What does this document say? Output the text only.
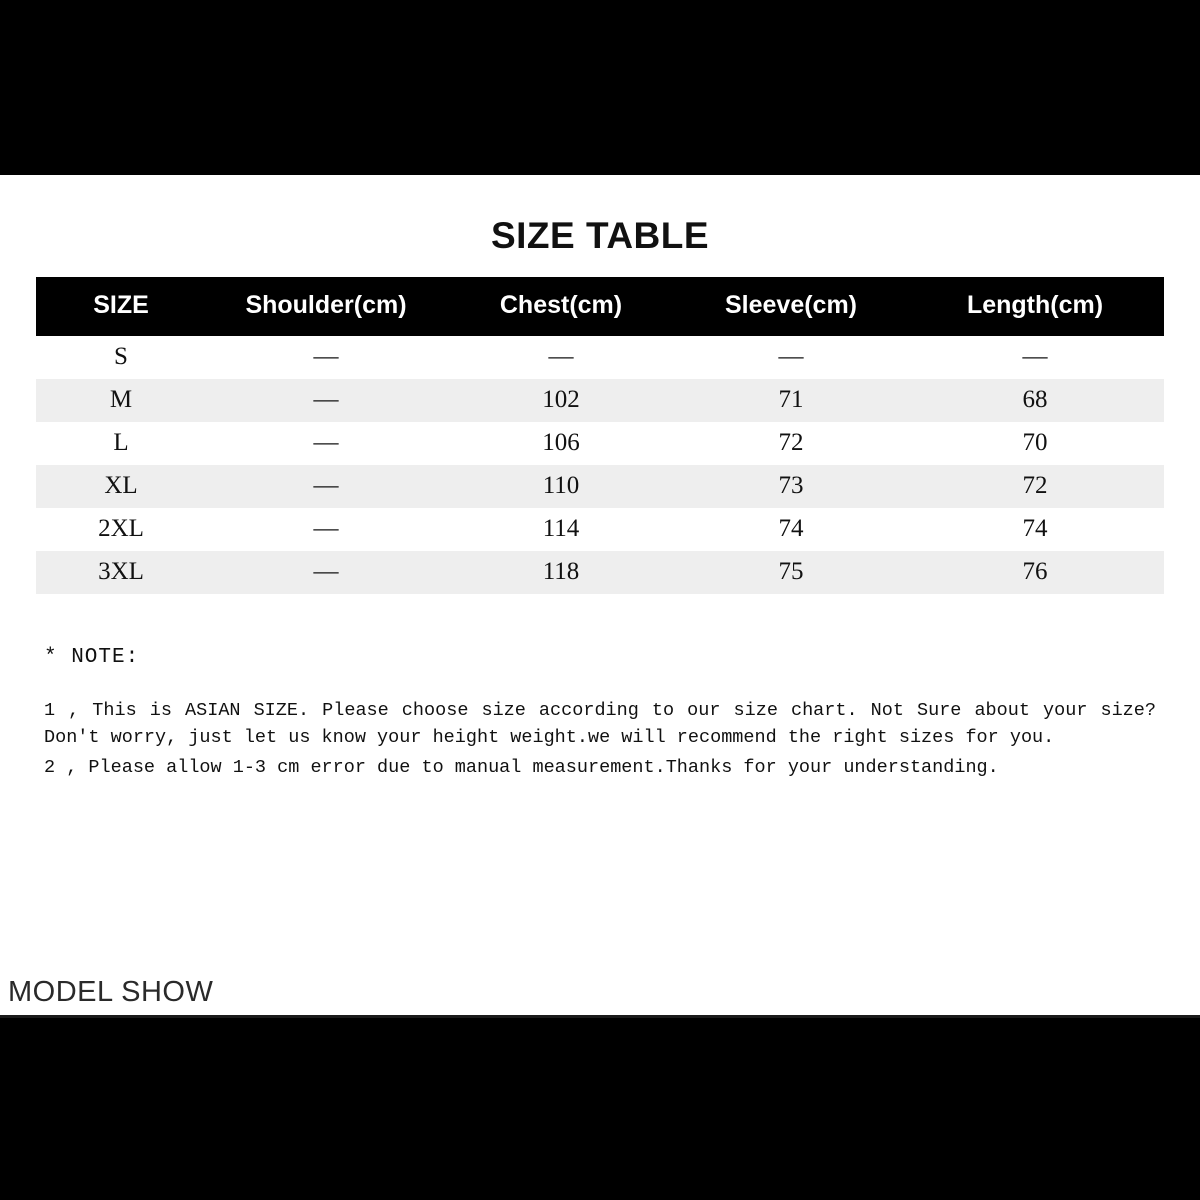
SIZE TABLE
SIZE	Shoulder(cm)	Chest(cm)	Sleeve(cm)	Length(cm)
S	—	—	—	—
M	—	102	71	68
L	—	106	72	70
XL	—	110	73	72
2XL	—	114	74	74
3XL	—	118	75	76
* NOTE:
1 , This is ASIAN SIZE. Please choose size according to our size chart. Not Sure about your size? Don't worry, just let us know your height weight.we will recommend the right sizes for you.
2 , Please allow 1-3 cm error due to manual measurement.Thanks for your understanding.
MODEL SHOW
